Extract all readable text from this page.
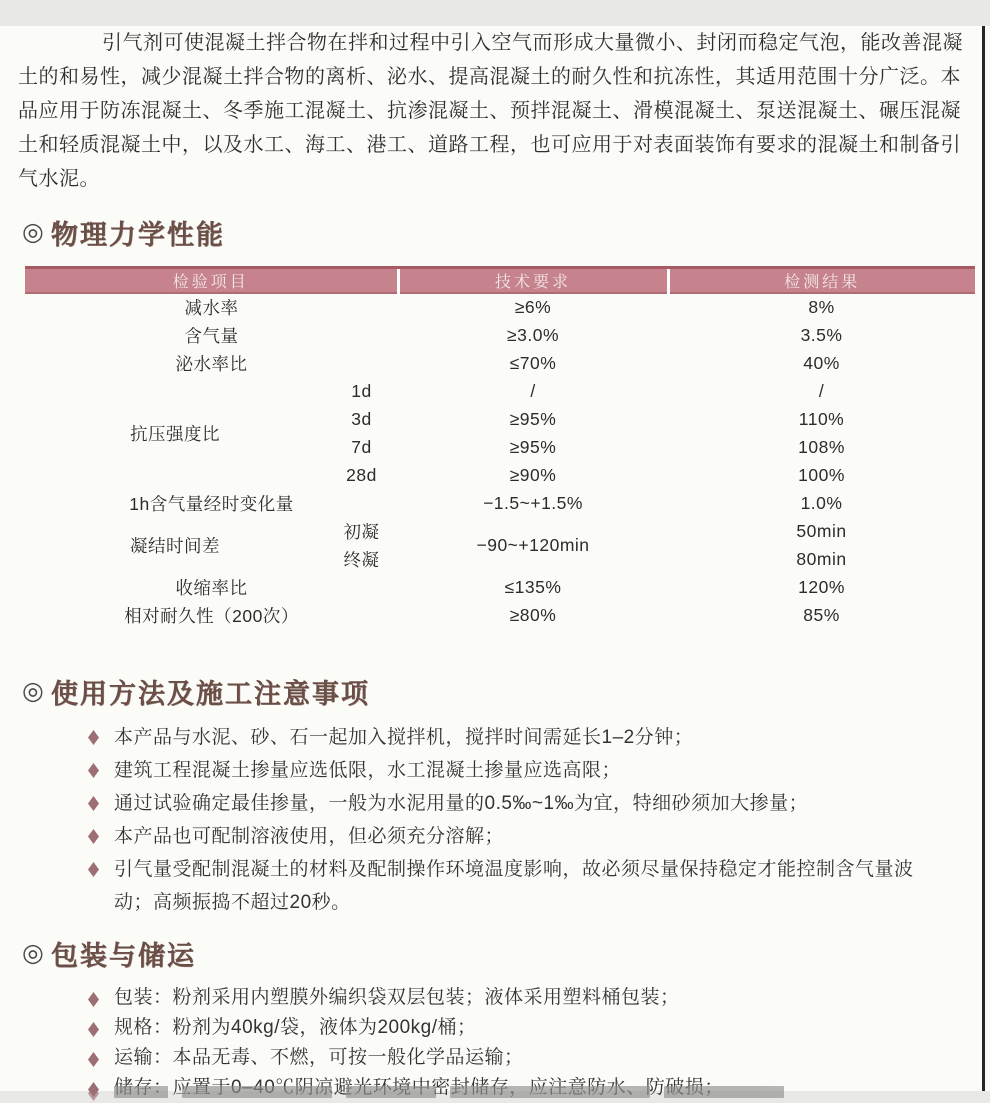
引气剂可使混凝土拌合物在拌和过程中引入空气而形成大量微小、封闭而稳定气泡，能改善混凝土的和易性，减少混凝土拌合物的离析、泌水、提高混凝土的耐久性和抗冻性，其适用范围十分广泛。本品应用于防冻混凝土、冬季施工混凝土、抗渗混凝土、预拌混凝土、滑模混凝土、泵送混凝土、碾压混凝土和轻质混凝土中，以及水工、海工、港工、道路工程，也可应用于对表面装饰有要求的混凝土和制备引气水泥。

◎ 物理力学性能
检验项目		技术要求	检测结果
减水率		≥6%	8%
含气量		≥3.0%	3.5%
泌水率比		≤70%	40%
抗压强度比	1d	/	/
	3d	≥95%	110%
	7d	≥95%	108%
	28d	≥90%	100%
1h含气量经时变化量		−1.5~+1.5%	1.0%
凝结时间差	初凝	−90~+120min	50min
	终凝		80min
收缩率比		≤135%	120%
相对耐久性（200次）		≥80%	85%
◎ 使用方法及施工注意事项
本产品与水泥、砂、石一起加入搅拌机，搅拌时间需延长1–2分钟；
建筑工程混凝土掺量应选低限，水工混凝土掺量应选高限；
通过试验确定最佳掺量，一般为水泥用量的0.5‰~1‰为宜，特细砂须加大掺量；
本产品也可配制溶液使用，但必须充分溶解；
引气量受配制混凝土的材料及配制操作环境温度影响，故必须尽量保持稳定才能控制含气量波动；高频振捣不超过20秒。
◎ 包装与储运
包装：粉剂采用内塑膜外编织袋双层包装；液体采用塑料桶包装；
规格：粉剂为40kg/袋，液体为200kg/桶；
运输：本品无毒、不燃，可按一般化学品运输；
